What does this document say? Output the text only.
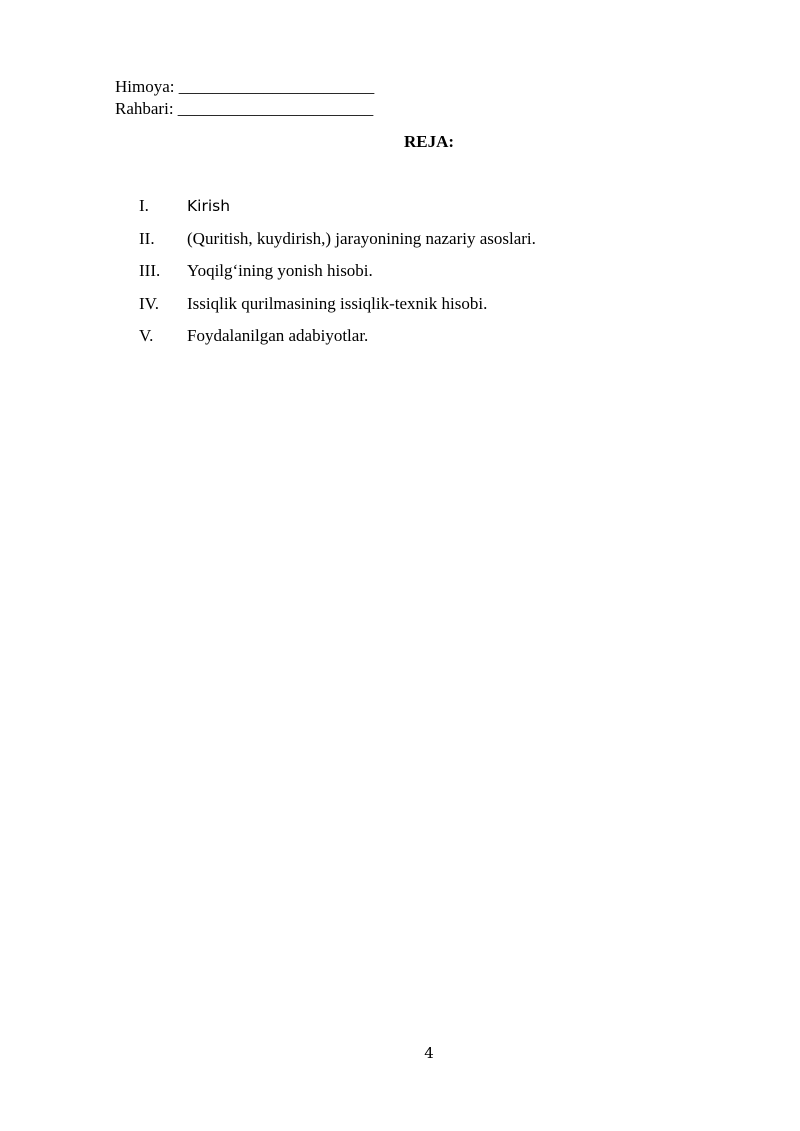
Himoya: _______________________
Rahbari: _______________________
REJA:
I.	Kirish
II.	(Quritish, kuydirish,) jarayonining nazariy asoslari.
III.	Yoqilg‘ining yonish hisobi.
IV.	Issiqlik qurilmasining issiqlik-texnik hisobi.
V.	Foydalanilgan adabiyotlar.
4
